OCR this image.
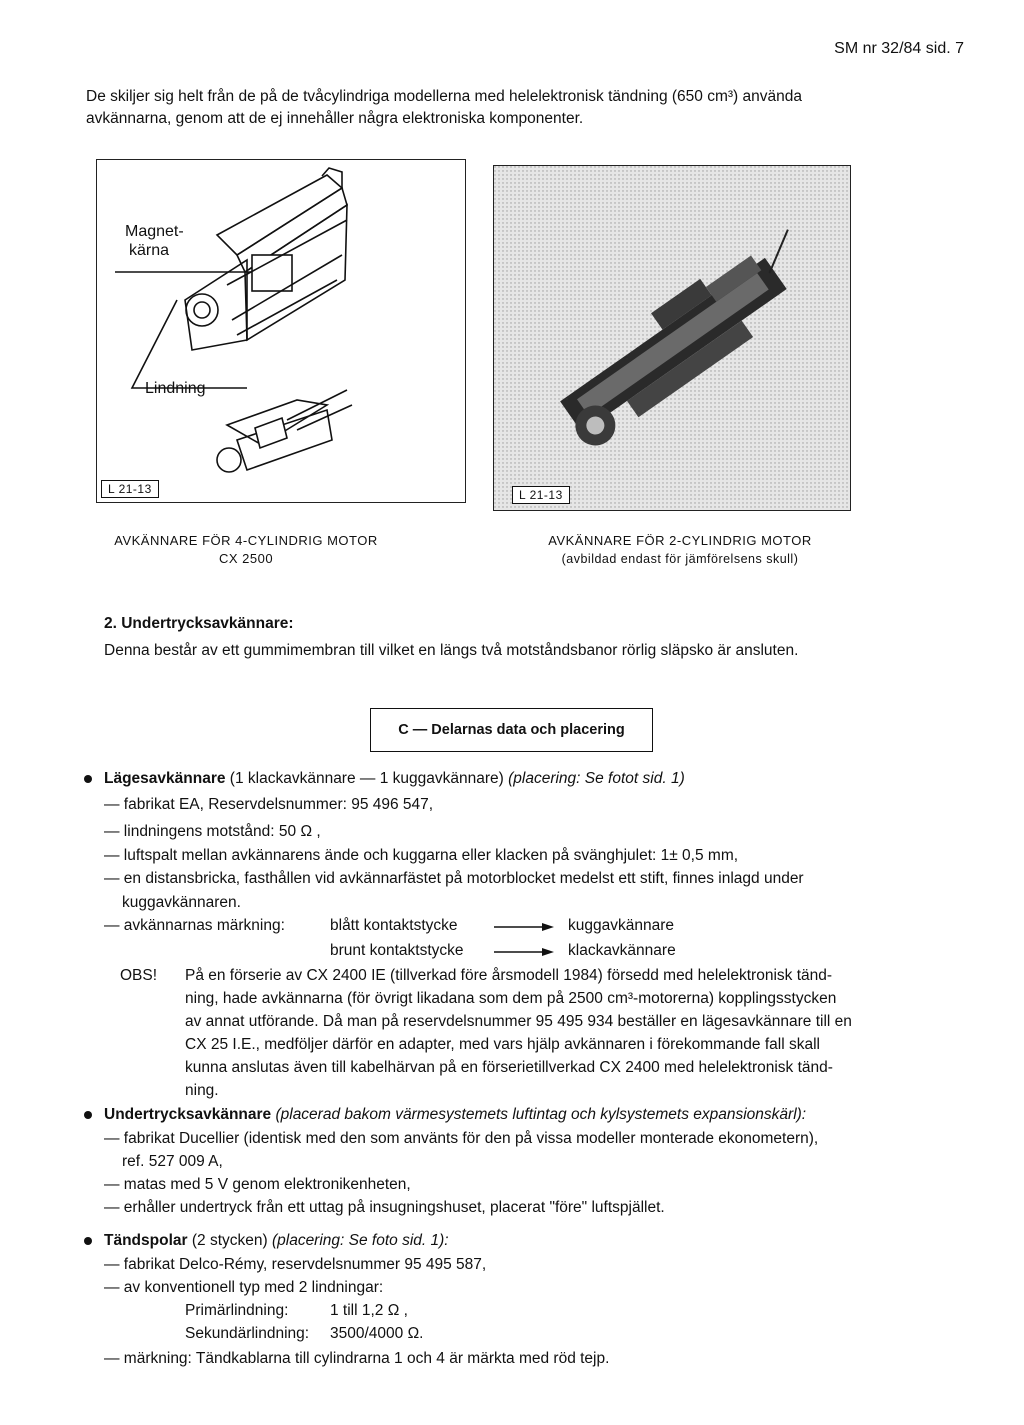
SM nr 32/84 sid. 7
De skiljer sig helt från de på de tvåcylindriga modellerna med helelektronisk tändning (650 cm³) använda
avkännarna, genom att de ej innehåller några elektroniska komponenter.
Magnet-
kärna
Lindning
L 21-13	L 21-13
AVKÄNNARE FÖR 4-CYLINDRIG MOTOR
CX 2500
AVKÄNNARE FÖR 2-CYLINDRIG MOTOR
(avbildad endast för jämförelsens skull)
2. Undertrycksavkännare:
Denna består av ett gummimembran till vilket en längs två motståndsbanor rörlig släpsko är ansluten.
C — Delarnas data och placering
Lägesavkännare (1 klackavkännare — 1 kuggavkännare) (placering: Se fotot sid. 1)
— fabrikat EA, Reservdelsnummer: 95 496 547,
— lindningens motstånd: 50 Ω ,
— luftspalt mellan avkännarens ände och kuggarna eller klacken på svänghjulet: 1± 0,5 mm,
— en distansbricka, fasthållen vid avkännarfästet på motorblocket medelst ett stift, finnes inlagd under
kuggavkännaren.
— avkännarnas märkning:	blått kontaktstycke	kuggavkännare
brunt kontaktstycke	klackavkännare
OBS! På en förserie av CX 2400 IE (tillverkad före årsmodell 1984) försedd med helelektronisk tänd-
ning, hade avkännarna (för övrigt likadana som dem på 2500 cm³-motorerna) kopplingsstycken
av annat utförande. Då man på reservdelsnummer 95 495 934 beställer en lägesavkännare till en
CX 25 I.E., medföljer därför en adapter, med vars hjälp avkännaren i förekommande fall skall
kunna anslutas även till kabelhärvan på en förserietillverkad CX 2400 med helelektronisk tänd-
ning.
Undertrycksavkännare (placerad bakom värmesystemets luftintag och kylsystemets expansionskärl):
— fabrikat Ducellier (identisk med den som använts för den på vissa modeller monterade ekonometern),
ref. 527 009 A,
— matas med 5 V genom elektronikenheten,
— erhåller undertryck från ett uttag på insugningshuset, placerat "före" luftspjället.
Tändspolar (2 stycken) (placering: Se foto sid. 1):
— fabrikat Delco-Rémy, reservdelsnummer 95 495 587,
— av konventionell typ med 2 lindningar:
Primärlindning:	1 till 1,2 Ω ,
Sekundärlindning: 3500/4000 Ω.
— märkning: Tändkablarna till cylindrarna 1 och 4 är märkta med röd tejp.
